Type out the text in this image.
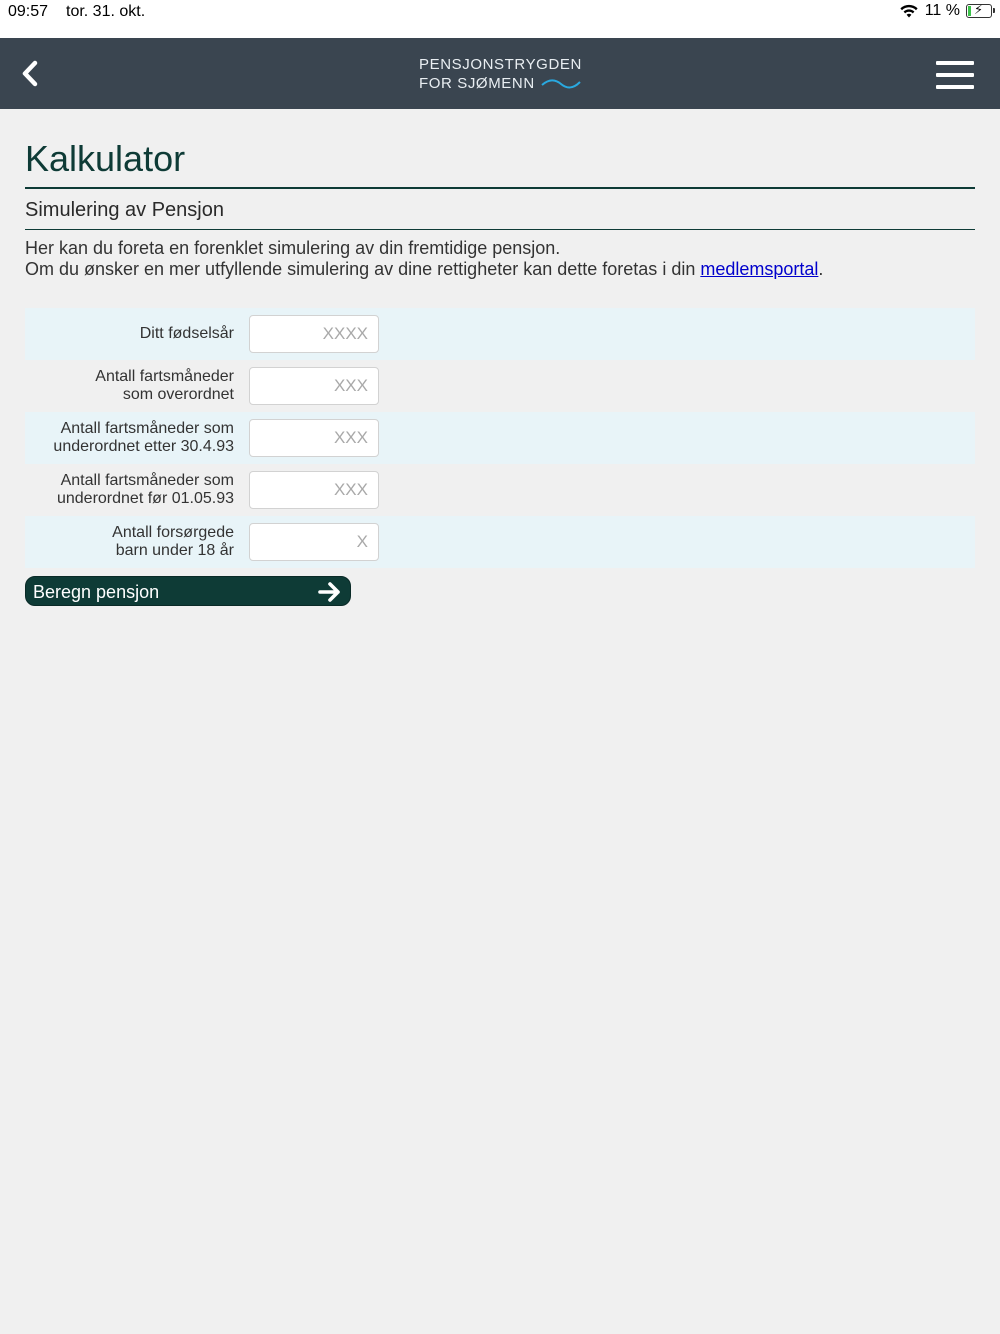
09:57 tor. 31. okt.	11 % ⚡
PENSJONSTRYGDEN
FOR SJØMENN
Kalkulator
Simulering av Pensjon
Her kan du foreta en forenklet simulering av din fremtidige pensjon.
Om du ønsker en mer utfyllende simulering av dine rettigheter kan dette foretas i din medlemsportal.
Ditt fødselsår
XXXX
Antall fartsmåneder
som overordnet
XXX
Antall fartsmåneder som
underordnet etter 30.4.93
XXX
Antall fartsmåneder som
underordnet før 01.05.93
XXX
Antall forsørgede
barn under 18 år
X
Beregn pensjon
